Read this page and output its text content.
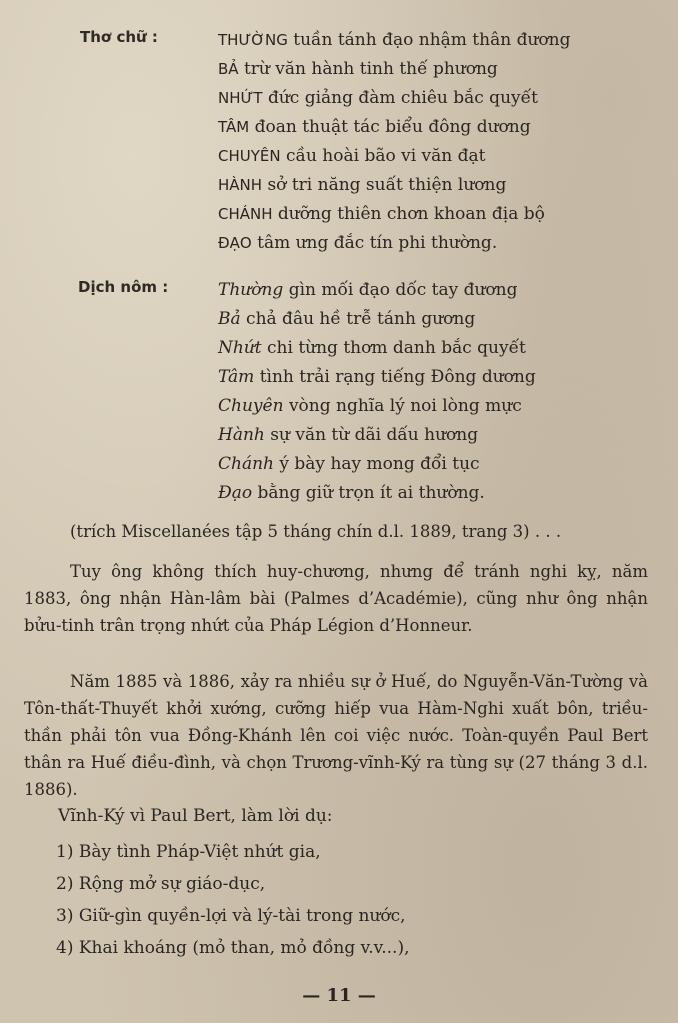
Thơ chữ :	THƯỜNG tuần tánh đạo nhậm thân đương
BẢ trừ văn hành tinh thế phương
NHỨT đức giảng đàm chiêu bắc quyết
TÂM đoan thuật tác biểu đông dương
CHUYÊN cầu hoài bão vi văn đạt
HÀNH sở tri năng suất thiện lương
CHÁNH dưỡng thiên chơn khoan địa bộ
ĐẠO tâm ưng đắc tín phi thường.
Dịch nôm :	Thường gìn mối đạo dốc tay đương
Bả chả đâu hề trễ tánh gương
Nhứt chi từng thơm danh bắc quyết
Tâm tình trải rạng tiếng Đông dương
Chuyên vòng nghĩa lý noi lòng mực
Hành sự văn từ dãi dấu hương
Chánh ý bày hay mong đổi tục
Đạo bằng giữ trọn ít ai thường.
(trích Miscellanées tập 5 tháng chín d.l. 1889, trang 3) . . .
Tuy ông không thích huy-chương, nhưng để tránh nghi kỵ, năm 1883, ông nhận Hàn-lâm bài (Palmes d’Académie), cũng như ông nhận bửu-tinh trân trọng nhứt của Pháp Légion d’Honneur.
Năm 1885 và 1886, xảy ra nhiều sự ở Huế, do Nguyễn-Văn-Tường và Tôn-thất-Thuyết khởi xướng, cưỡng hiếp vua Hàm-Nghi xuất bôn, triều-thần phải tôn vua Đồng-Khánh lên coi việc nước. Toàn-quyền Paul Bert thân ra Huế điều-đình, và chọn Trương-vĩnh-Ký ra tùng sự (27 tháng 3 d.l. 1886).
Vĩnh-Ký vì Paul Bert, làm lời dụ:
1) Bày tình Pháp-Việt nhứt gia,
2) Rộng mở sự giáo-dục,
3) Giữ-gìn quyền-lợi và lý-tài trong nước,
4) Khai khoáng (mỏ than, mỏ đồng v.v...),
— 11 —
